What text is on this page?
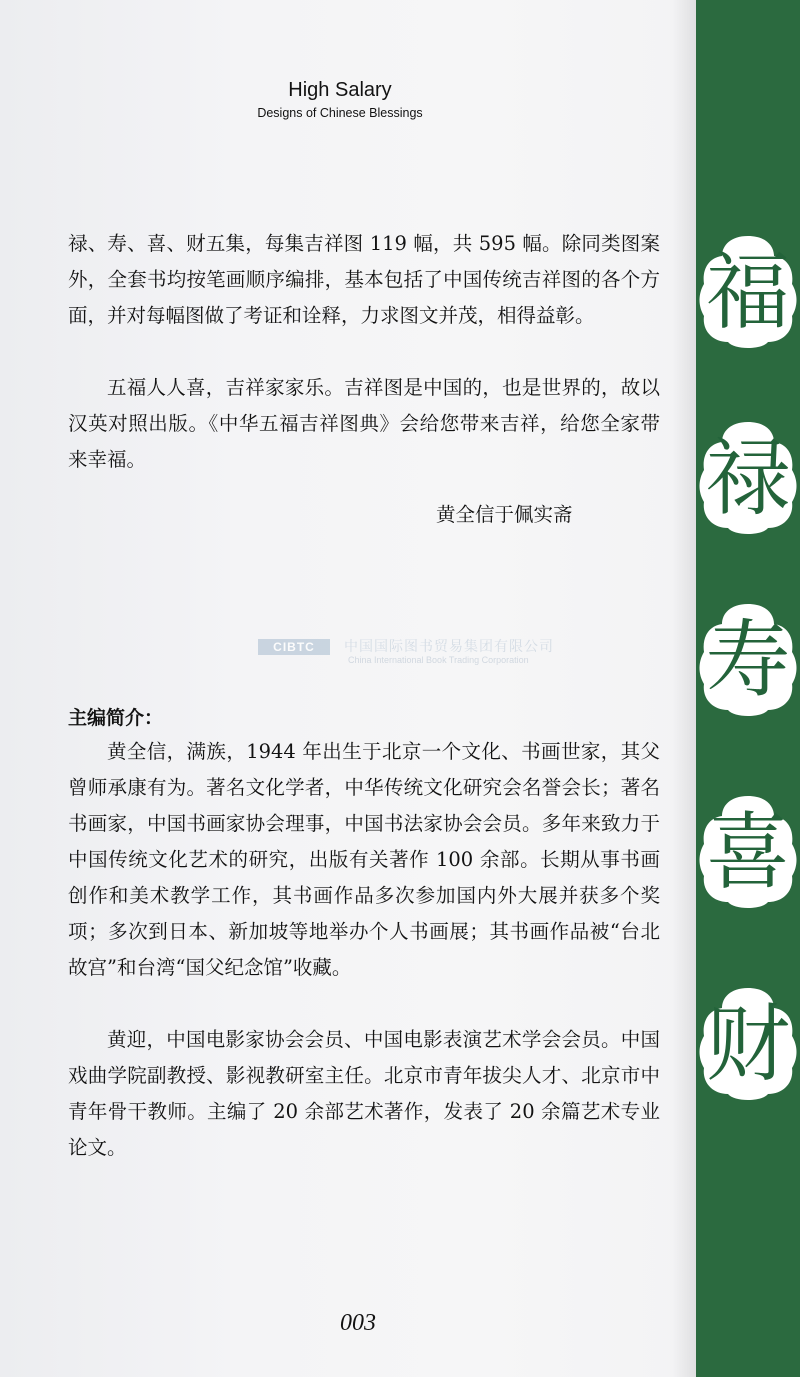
High Salary
Designs of Chinese Blessings

禄、寿、喜、财五集，每集吉祥图 119 幅，共 595 幅。除同类图案外，全套书均按笔画顺序编排，基本包括了中国传统吉祥图的各个方面，并对每幅图做了考证和诠释，力求图文并茂，相得益彰。

五福人人喜，吉祥家家乐。吉祥图是中国的，也是世界的，故以汉英对照出版。《中华五福吉祥图典》会给您带来吉祥，给您全家带来幸福。

黄全信于佩实斋
CIBTC	中国国际图书贸易集团有限公司
China International Book Trading Corporation
主编简介：

黄全信，满族，1944 年出生于北京一个文化、书画世家，其父曾师承康有为。著名文化学者，中华传统文化研究会名誉会长；著名书画家，中国书画家协会理事，中国书法家协会会员。多年来致力于中国传统文化艺术的研究，出版有关著作 100 余部。长期从事书画创作和美术教学工作，其书画作品多次参加国内外大展并获多个奖项；多次到日本、新加坡等地举办个人书画展；其书画作品被“台北故宫”和台湾“国父纪念馆”收藏。

黄迎，中国电影家协会会员、中国电影表演艺术学会会员。中国戏曲学院副教授、影视教研室主任。北京市青年拔尖人才、北京市中青年骨干教师。主编了 20 余部艺术著作，发表了 20 余篇艺术专业论文。

003
福
禄
寿
喜
财
